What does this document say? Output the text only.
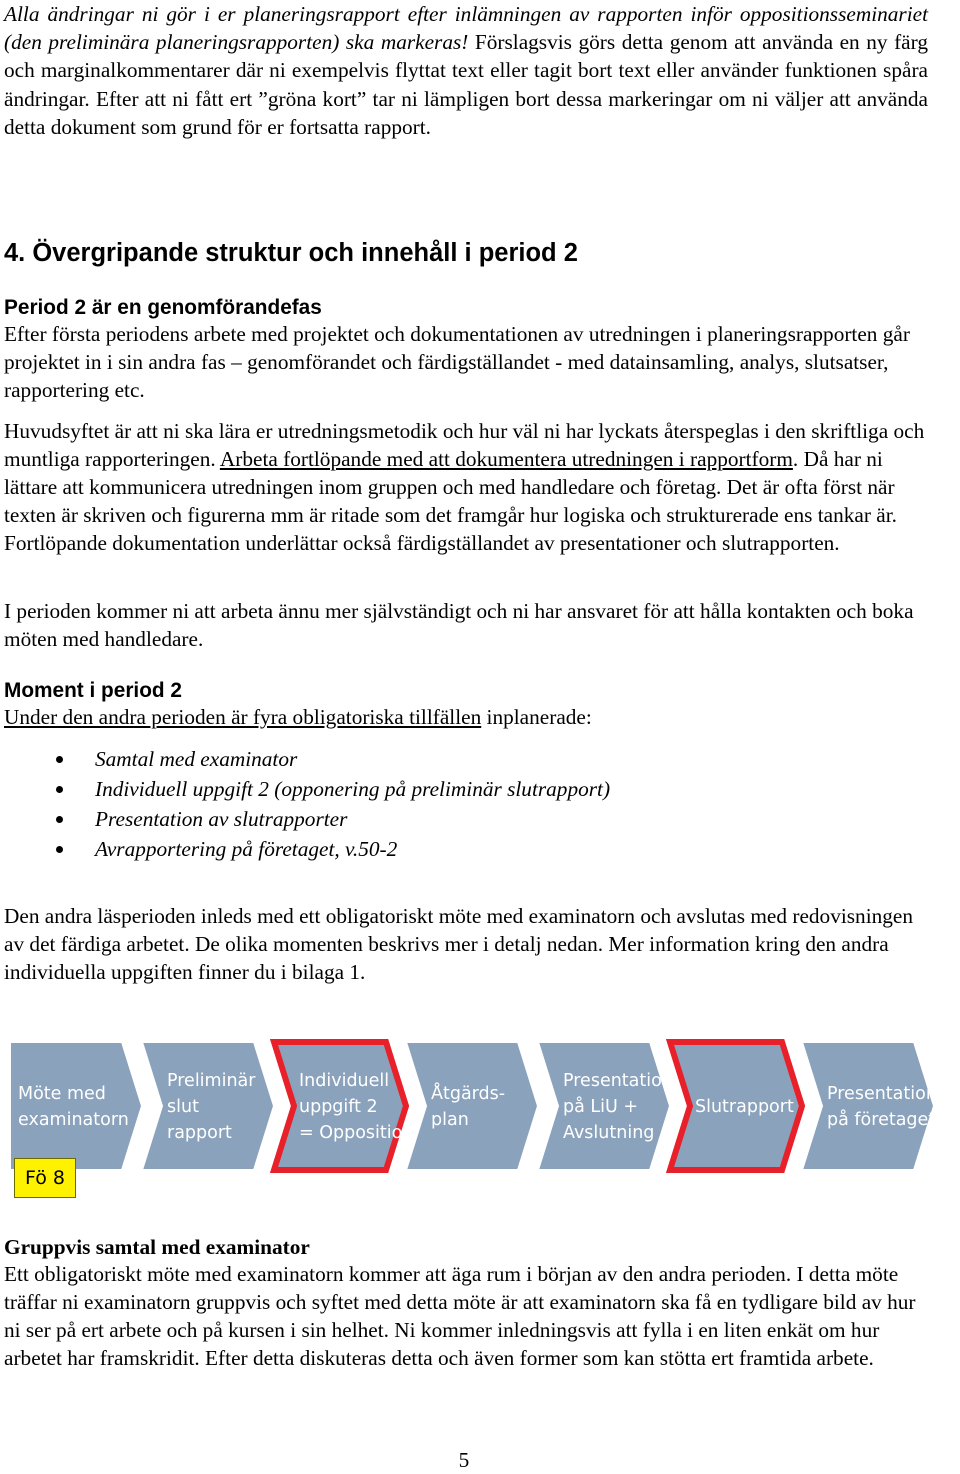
Alla ändringar ni gör i er planeringsrapport efter inlämningen av rapporten inför oppositionsseminariet (den preliminära planeringsrapporten) ska markeras! Förslagsvis görs detta genom att använda en ny färg och marginalkommentarer där ni exempelvis flyttat text eller tagit bort text eller använder funktionen spåra ändringar. Efter att ni fått ert ”gröna kort” tar ni lämpligen bort dessa markeringar om ni väljer att använda detta dokument som grund för er fortsatta rapport.

4. Övergripande struktur och innehåll i period 2
Period 2 är en genomförandefas

Efter första periodens arbete med projektet och dokumentationen av utredningen i planeringsrapporten går projektet in i sin andra fas – genomförandet och färdigställandet - med datainsamling, analys, slutsatser, rapportering etc.

Huvudsyftet är att ni ska lära er utredningsmetodik och hur väl ni har lyckats återspeglas i den skriftliga och muntliga rapporteringen. Arbeta fortlöpande med att dokumentera utredningen i rapportform. Då har ni lättare att kommunicera utredningen inom gruppen och med handledare och företag. Det är ofta först när texten är skriven och figurerna mm är ritade som det framgår hur logiska och strukturerade ens tankar är. Fortlöpande dokumentation underlättar också färdigställandet av presentationer och slutrapporten.

I perioden kommer ni att arbeta ännu mer självständigt och ni har ansvaret för att hålla kontakten och boka möten med handledare.

Moment i period 2

Under den andra perioden är fyra obligatoriska tillfällen inplanerade:

Samtal med examinator
Individuell uppgift 2 (opponering på preliminär slutrapport)
Presentation av slutrapporter
Avrapportering på företaget, v.50-2

Den andra läsperioden inleds med ett obligatoriskt möte med examinatorn och avslutas med redovisningen av det färdiga arbetet. De olika momenten beskrivs mer i detalj nedan. Mer information kring den andra individuella uppgiften finner du i bilaga 1.

Möte med
examinatorn
Preliminär
slut
rapport
Individuell
uppgift 2
= Opposition
Åtgärds-
plan
Presentation
på LiU +
Avslutning
Slutrapport
Presentation
på företaget
Fö 8
Gruppvis samtal med examinator

Ett obligatoriskt möte med examinatorn kommer att äga rum i början av den andra perioden. I detta möte träffar ni examinatorn gruppvis och syftet med detta möte är att examinatorn ska få en tydligare bild av hur ni ser på ert arbete och på kursen i sin helhet. Ni kommer inledningsvis att fylla i en liten enkät om hur arbetet har framskridit. Efter detta diskuteras detta och även former som kan stötta ert framtida arbete.

5
